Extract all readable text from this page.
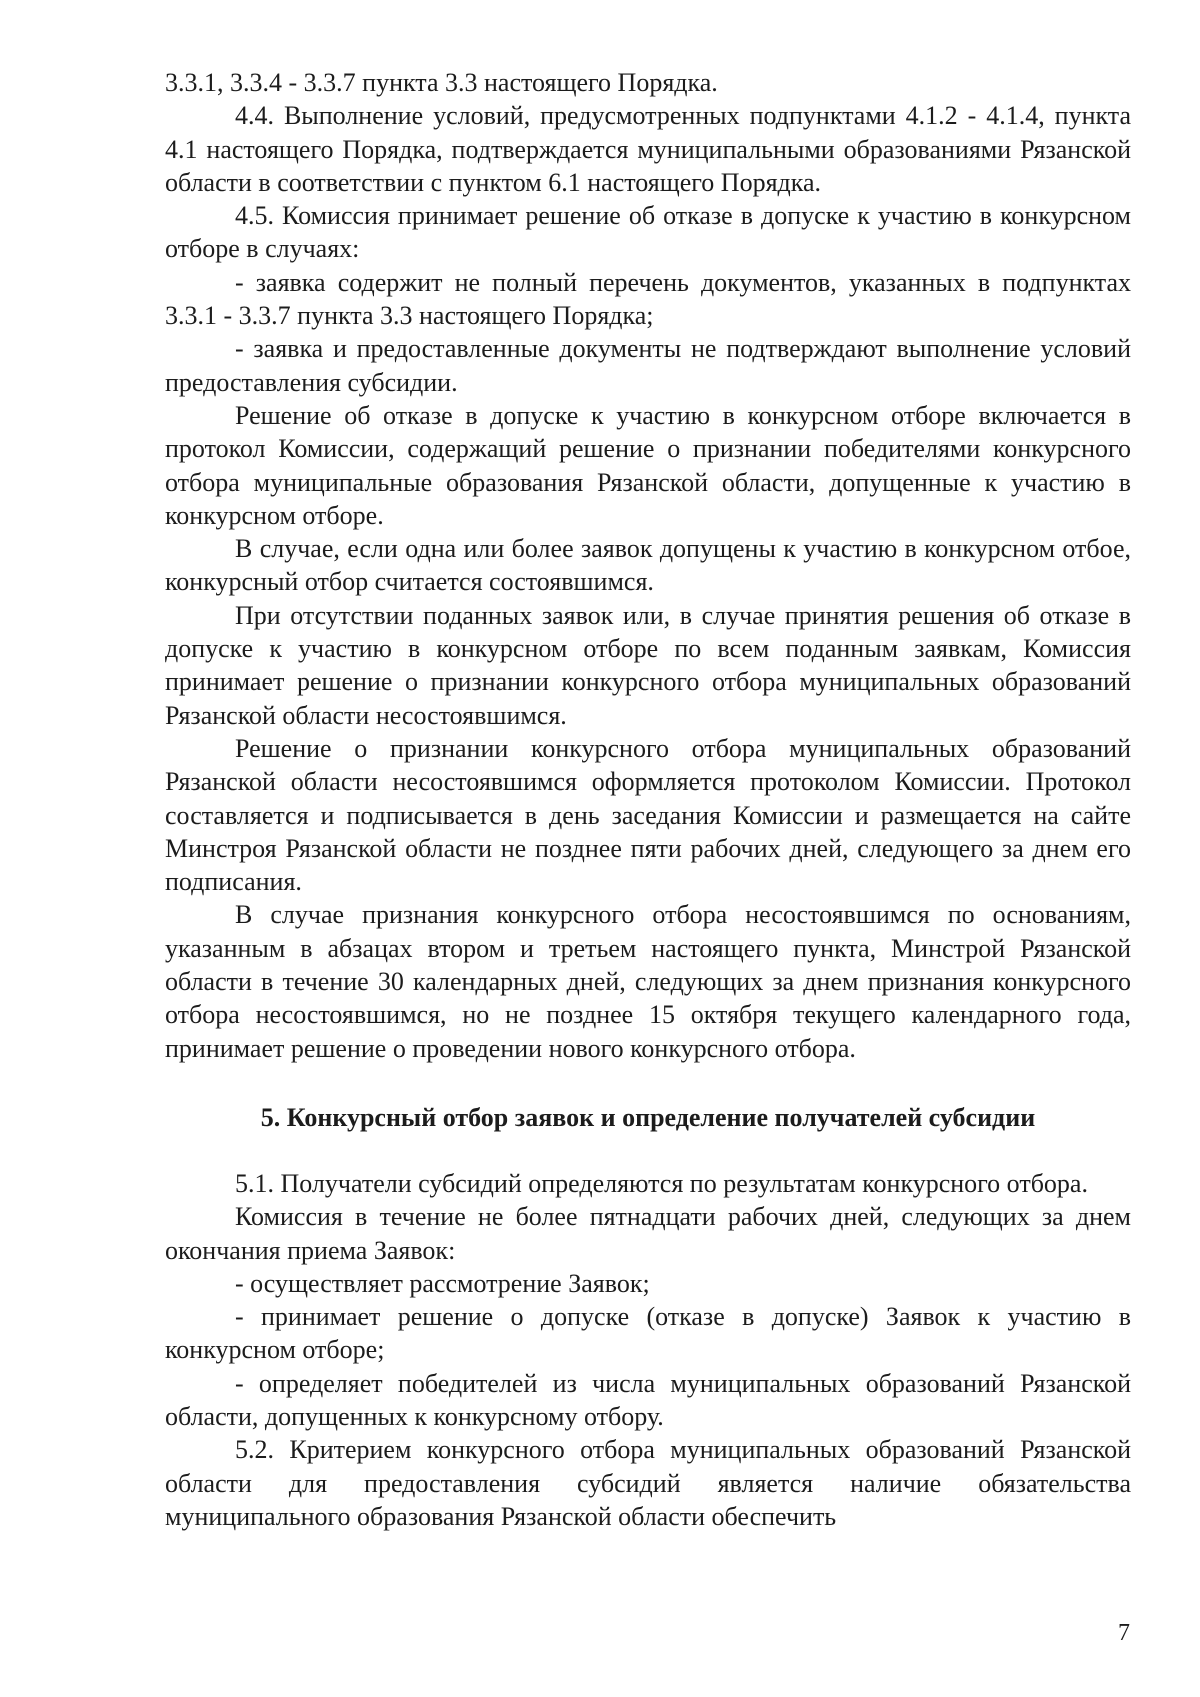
3.3.1, 3.3.4 - 3.3.7 пункта 3.3 настоящего Порядка.

4.4. Выполнение условий, предусмотренных подпунктами 4.1.2 - 4.1.4, пункта 4.1 настоящего Порядка, подтверждается муниципальными образованиями Рязанской области в соответствии с пунктом 6.1 настоящего Порядка.

4.5. Комиссия принимает решение об отказе в допуске к участию в конкурсном отборе в случаях:

- заявка содержит не полный перечень документов, указанных в подпунктах 3.3.1 - 3.3.7 пункта 3.3 настоящего Порядка;

- заявка и предоставленные документы не подтверждают выполнение условий предоставления субсидии.

Решение об отказе в допуске к участию в конкурсном отборе включается в протокол Комиссии, содержащий решение о признании победителями конкурсного отбора муниципальные образования Рязанской области, допущенные к участию в конкурсном отборе.

В случае, если одна или более заявок допущены к участию в конкурсном отбое, конкурсный отбор считается состоявшимся.

При отсутствии поданных заявок или, в случае принятия решения об отказе в допуске к участию в конкурсном отборе по всем поданным заявкам, Комиссия принимает решение о признании конкурсного отбора муниципальных образований Рязанской области несостоявшимся.

Решение о признании конкурсного отбора муниципальных образований Рязанской области несостоявшимся оформляется протоколом Комиссии. Протокол составляется и подписывается в день заседания Комиссии и размещается на сайте Минстроя Рязанской области не позднее пяти рабочих дней, следующего за днем его подписания.

В случае признания конкурсного отбора несостоявшимся по основаниям, указанным в абзацах втором и третьем настоящего пункта, Минстрой Рязанской области в течение 30 календарных дней, следующих за днем признания конкурсного отбора несостоявшимся, но не позднее 15 октября текущего календарного года, принимает решение о проведении нового конкурсного отбора.

5. Конкурсный отбор заявок и определение получателей субсидии

5.1. Получатели субсидий определяются по результатам конкурсного отбора.

Комиссия в течение не более пятнадцати рабочих дней, следующих за днем окончания приема Заявок:

- осуществляет рассмотрение Заявок;

- принимает решение о допуске (отказе в допуске) Заявок к участию в конкурсном отборе;

- определяет победителей из числа муниципальных образований Рязанской области, допущенных к конкурсному отбору.

5.2. Критерием конкурсного отбора муниципальных образований Рязанской области для предоставления субсидий является наличие обязательства муниципального образования Рязанской области обеспечить

7
